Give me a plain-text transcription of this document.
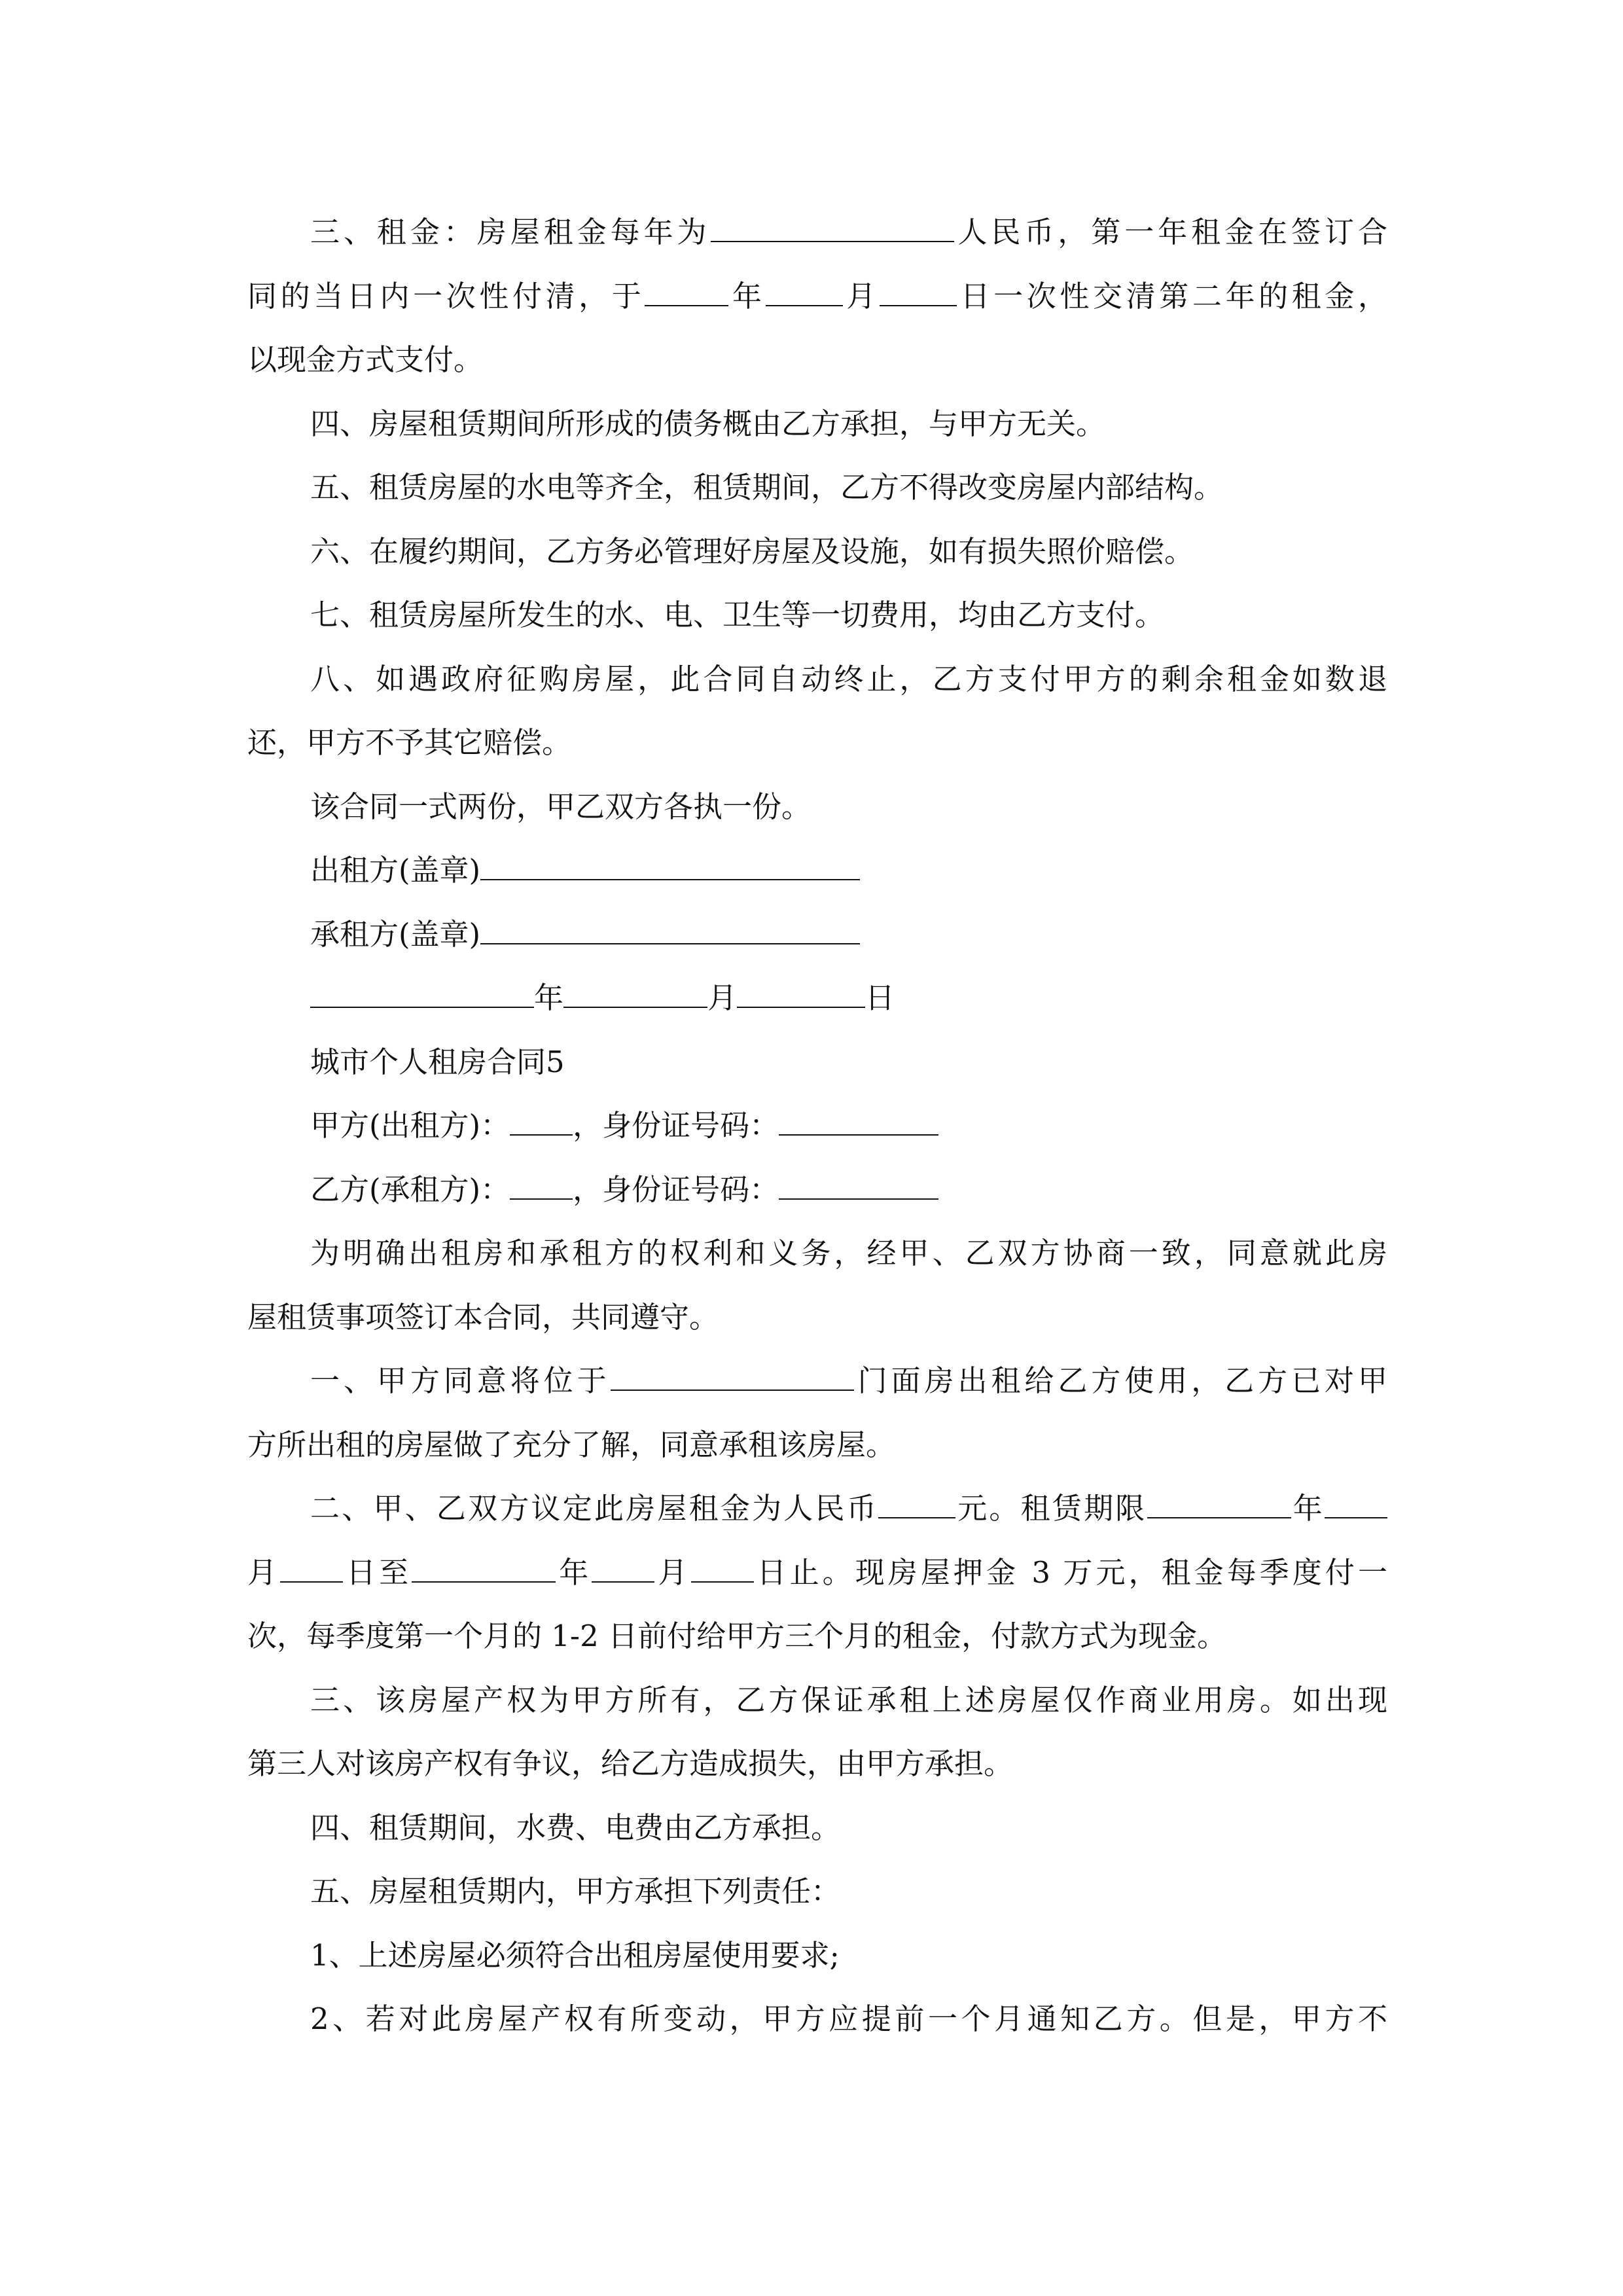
三、租金：房屋租金每年为	人民币，第一年租金在签订合

同的当日内一次性付清，于	年	月	日一次性交清第二年的租金，

以现金方式支付。

四、房屋租赁期间所形成的债务概由乙方承担，与甲方无关。

五、租赁房屋的水电等齐全，租赁期间，乙方不得改变房屋内部结构。

六、在履约期间，乙方务必管理好房屋及设施，如有损失照价赔偿。

七、租赁房屋所发生的水、电、卫生等一切费用，均由乙方支付。

八、如遇政府征购房屋，此合同自动终止，乙方支付甲方的剩余租金如数退

还，甲方不予其它赔偿。

该合同一式两份，甲乙双方各执一份。

出租方(盖章)

承租方(盖章)

年	月	日

城市个人租房合同5

甲方(出租方)： ，身份证号码：

乙方(承租方)： ，身份证号码：

为明确出租房和承租方的权利和义务，经甲、乙双方协商一致，同意就此房

屋租赁事项签订本合同，共同遵守。

一、甲方同意将位于	门面房出租给乙方使用，乙方已对甲

方所出租的房屋做了充分了解，同意承租该房屋。

二、甲、乙双方议定此房屋租金为人民币	元。租赁期限	年

月 日至	年 月 日止。现房屋押金 3 万元，租金每季度付一

次，每季度第一个月的 1-2 日前付给甲方三个月的租金，付款方式为现金。

三、该房屋产权为甲方所有，乙方保证承租上述房屋仅作商业用房。如出现

第三人对该房产权有争议，给乙方造成损失，由甲方承担。

四、租赁期间，水费、电费由乙方承担。

五、房屋租赁期内，甲方承担下列责任：

1、上述房屋必须符合出租房屋使用要求;

2、若对此房屋产权有所变动，甲方应提前一个月通知乙方。但是，甲方不
